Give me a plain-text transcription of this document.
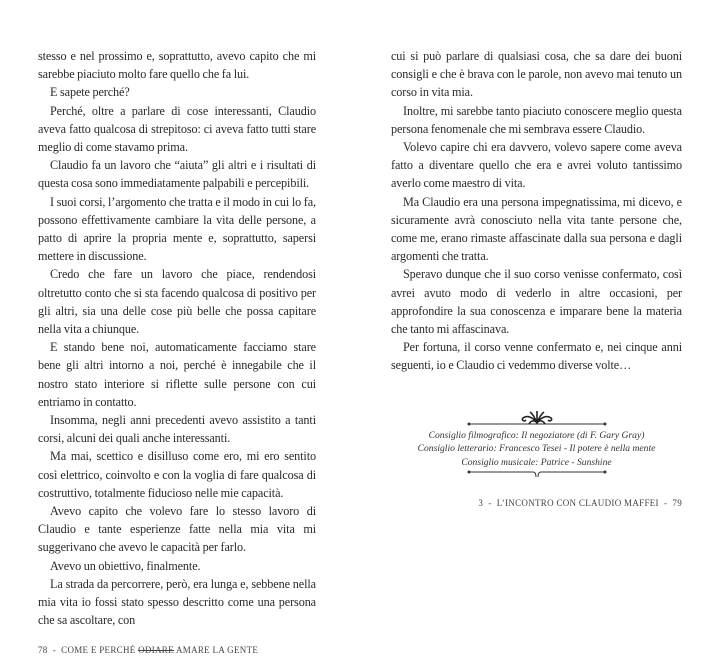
stesso e nel prossimo e, soprattutto, avevo capito che mi sarebbe piaciuto molto fare quello che fa lui.

E sapete perché?

Perché, oltre a parlare di cose interessanti, Claudio aveva fatto qualcosa di strepitoso: ci aveva fatto tutti stare meglio di come stavamo prima.

Claudio fa un lavoro che “aiuta” gli altri e i risultati di questa cosa sono immediatamente palpabili e percepibili.

I suoi corsi, l’argomento che tratta e il modo in cui lo fa, possono effettivamente cambiare la vita delle persone, a patto di aprire la propria mente e, soprattutto, sapersi mettere in discussione.

Credo che fare un lavoro che piace, rendendosi oltretutto conto che si sta facendo qualcosa di positivo per gli altri, sia una delle cose più belle che possa capitare nella vita a chiunque.

E stando bene noi, automaticamente facciamo stare bene gli altri intorno a noi, perché è innegabile che il nostro stato interiore si riflette sulle persone con cui entriamo in contatto.

Insomma, negli anni precedenti avevo assistito a tanti corsi, alcuni dei quali anche interessanti.

Ma mai, scettico e disilluso come ero, mi ero sentito così elettrico, coinvolto e con la voglia di fare qualcosa di costruttivo, totalmente fiducioso nelle mie capacità.

Avevo capito che volevo fare lo stesso lavoro di Claudio e tante esperienze fatte nella mia vita mi suggerivano che avevo le capacità per farlo.

Avevo un obiettivo, finalmente.

La strada da percorrere, però, era lunga e, sebbene nella mia vita io fossi stato spesso descritto come una persona che sa ascoltare, con

78 - COME E PERCHÉ ODIARE AMARE LA GENTE

cui si può parlare di qualsiasi cosa, che sa dare dei buoni consigli e che è brava con le parole, non avevo mai tenuto un corso in vita mia.

Inoltre, mi sarebbe tanto piaciuto conoscere meglio questa persona fenomenale che mi sembrava essere Claudio.

Volevo capire chi era davvero, volevo sapere come aveva fatto a diventare quello che era e avrei voluto tantissimo averlo come maestro di vita.

Ma Claudio era una persona impegnatissima, mi dicevo, e sicuramente avrà conosciuto nella vita tante persone che, come me, erano rimaste affascinate dalla sua persona e dagli argomenti che tratta.

Speravo dunque che il suo corso venisse confermato, così avrei avuto modo di vederlo in altre occasioni, per approfondire la sua conoscenza e imparare bene la materia che tanto mi affascinava.

Per fortuna, il corso venne confermato e, nei cinque anni seguenti, io e Claudio ci vedemmo diverse volte…

Consiglio filmografico: Il negoziatore (di F. Gary Gray)
Consiglio letterario: Francesco Tesei - Il potere è nella mente
Consiglio musicale: Patrice - Sunshine
3 - L’INCONTRO CON CLAUDIO MAFFEI - 79
